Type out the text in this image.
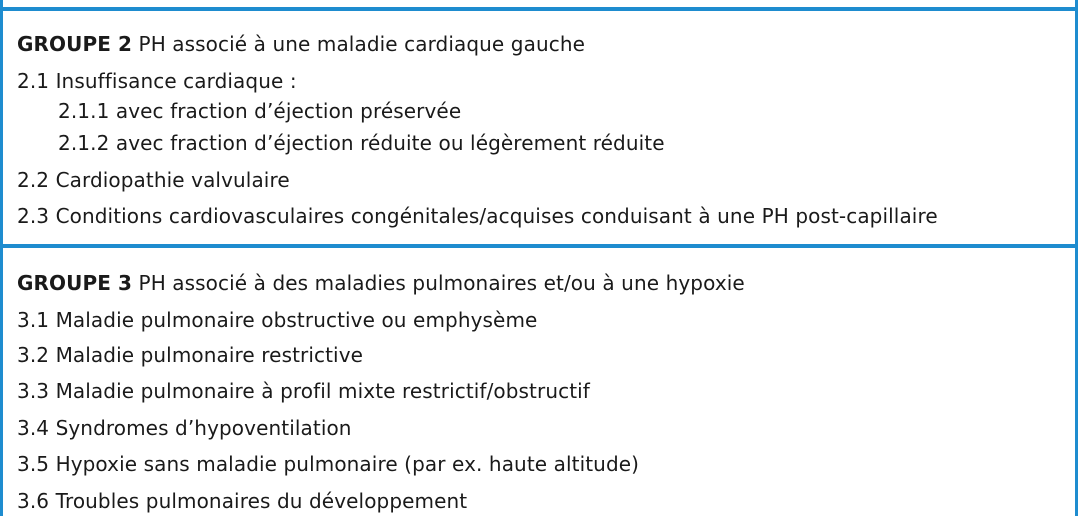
GROUPE 2 PH associé à une maladie cardiaque gauche
2.1 Insuffisance cardiaque :
2.1.1 avec fraction d’éjection préservée
2.1.2 avec fraction d’éjection réduite ou légèrement réduite
2.2 Cardiopathie valvulaire
2.3 Conditions cardiovasculaires congénitales/acquises conduisant à une PH post-capillaire
GROUPE 3 PH associé à des maladies pulmonaires et/ou à une hypoxie
3.1 Maladie pulmonaire obstructive ou emphysème
3.2 Maladie pulmonaire restrictive
3.3 Maladie pulmonaire à profil mixte restrictif/obstructif
3.4 Syndromes d’hypoventilation
3.5 Hypoxie sans maladie pulmonaire (par ex. haute altitude)
3.6 Troubles pulmonaires du développement
